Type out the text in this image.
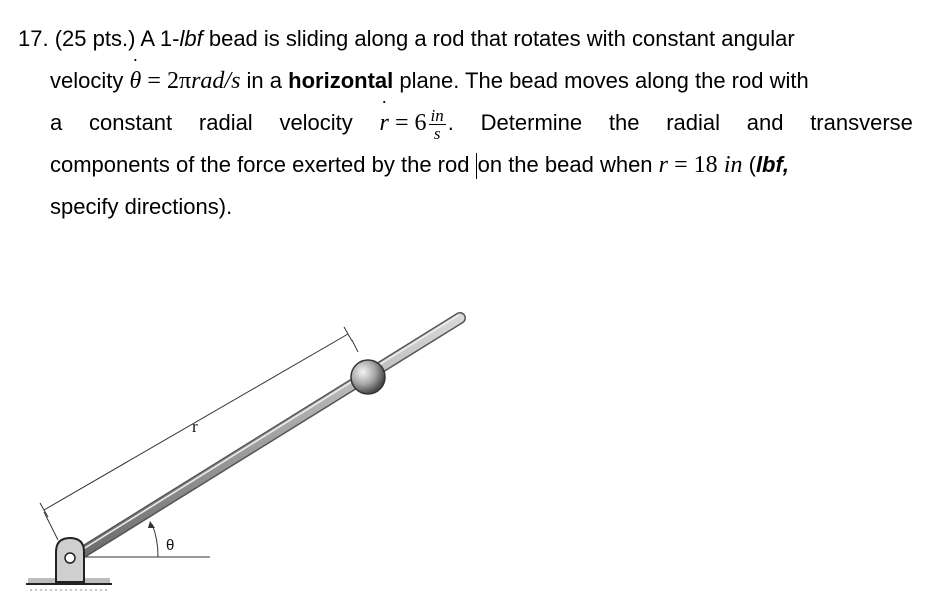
17. (25 pts.) A 1-lbf bead is sliding along a rod that rotates with constant angular
velocity ˙ θ = 2πrad/s in a horizontal plane. The bead moves along the rod with
a constant radial velocity ˙ $r = 6 \frac{in}{s}$ . Determine the radial and transverse
components of the force exerted by the rod on the bead when r = 18 in (lbf,
specify directions).
r
θ
